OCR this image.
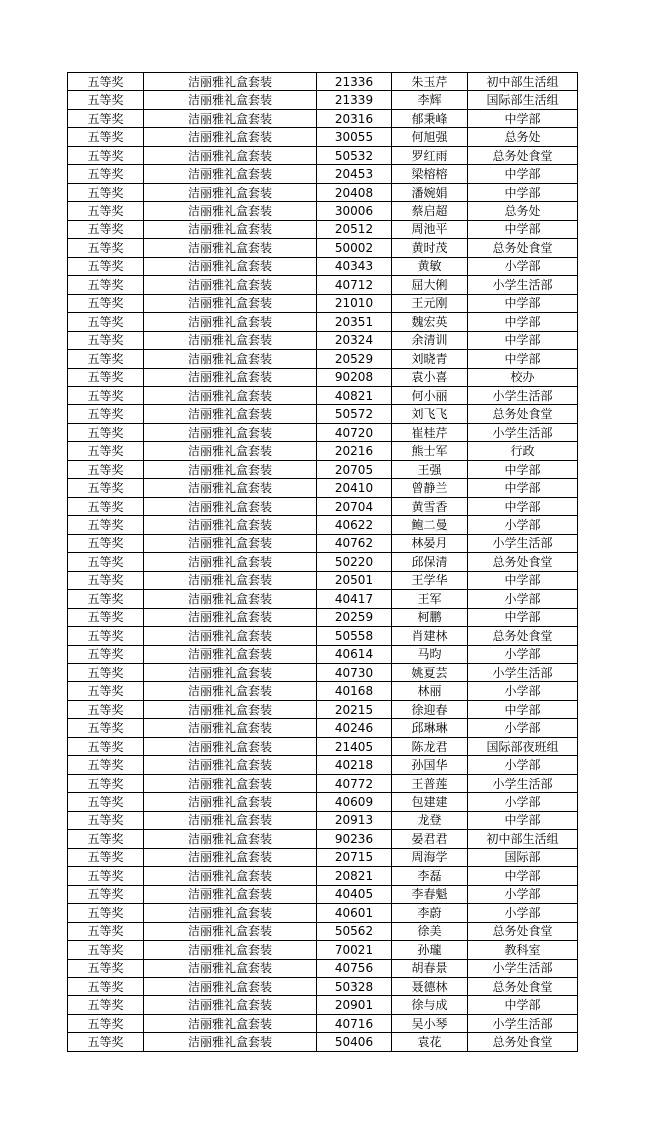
五等奖	洁丽雅礼盒套装	21336	朱玉芹	初中部生活组
五等奖	洁丽雅礼盒套装	21339	李辉	国际部生活组
五等奖	洁丽雅礼盒套装	20316	郁秉峰	中学部
五等奖	洁丽雅礼盒套装	30055	何旭强	总务处
五等奖	洁丽雅礼盒套装	50532	罗红雨	总务处食堂
五等奖	洁丽雅礼盒套装	20453	梁榕榕	中学部
五等奖	洁丽雅礼盒套装	20408	潘婉娟	中学部
五等奖	洁丽雅礼盒套装	30006	蔡启超	总务处
五等奖	洁丽雅礼盒套装	20512	周池平	中学部
五等奖	洁丽雅礼盒套装	50002	黄时茂	总务处食堂
五等奖	洁丽雅礼盒套装	40343	黄敏	小学部
五等奖	洁丽雅礼盒套装	40712	屈大俐	小学生活部
五等奖	洁丽雅礼盒套装	21010	王元刚	中学部
五等奖	洁丽雅礼盒套装	20351	魏宏英	中学部
五等奖	洁丽雅礼盒套装	20324	余清训	中学部
五等奖	洁丽雅礼盒套装	20529	刘晓青	中学部
五等奖	洁丽雅礼盒套装	90208	袁小喜	校办
五等奖	洁丽雅礼盒套装	40821	何小丽	小学生活部
五等奖	洁丽雅礼盒套装	50572	刘飞飞	总务处食堂
五等奖	洁丽雅礼盒套装	40720	崔桂芹	小学生活部
五等奖	洁丽雅礼盒套装	20216	熊士军	行政
五等奖	洁丽雅礼盒套装	20705	王强	中学部
五等奖	洁丽雅礼盒套装	20410	曾静兰	中学部
五等奖	洁丽雅礼盒套装	20704	黄雪香	中学部
五等奖	洁丽雅礼盒套装	40622	鲍二曼	小学部
五等奖	洁丽雅礼盒套装	40762	林晏月	小学生活部
五等奖	洁丽雅礼盒套装	50220	邱保清	总务处食堂
五等奖	洁丽雅礼盒套装	20501	王学华	中学部
五等奖	洁丽雅礼盒套装	40417	王军	小学部
五等奖	洁丽雅礼盒套装	20259	柯鹏	中学部
五等奖	洁丽雅礼盒套装	50558	肖建林	总务处食堂
五等奖	洁丽雅礼盒套装	40614	马昀	小学部
五等奖	洁丽雅礼盒套装	40730	姚夏芸	小学生活部
五等奖	洁丽雅礼盒套装	40168	林丽	小学部
五等奖	洁丽雅礼盒套装	20215	徐迎春	中学部
五等奖	洁丽雅礼盒套装	40246	邱琳琳	小学部
五等奖	洁丽雅礼盒套装	21405	陈龙君	国际部夜班组
五等奖	洁丽雅礼盒套装	40218	孙国华	小学部
五等奖	洁丽雅礼盒套装	40772	王普莲	小学生活部
五等奖	洁丽雅礼盒套装	40609	包建建	小学部
五等奖	洁丽雅礼盒套装	20913	龙登	中学部
五等奖	洁丽雅礼盒套装	90236	晏君君	初中部生活组
五等奖	洁丽雅礼盒套装	20715	周海学	国际部
五等奖	洁丽雅礼盒套装	20821	李磊	中学部
五等奖	洁丽雅礼盒套装	40405	李春魁	小学部
五等奖	洁丽雅礼盒套装	40601	李蔚	小学部
五等奖	洁丽雅礼盒套装	50562	徐美	总务处食堂
五等奖	洁丽雅礼盒套装	70021	孙瓏	教科室
五等奖	洁丽雅礼盒套装	40756	胡春景	小学生活部
五等奖	洁丽雅礼盒套装	50328	聂德林	总务处食堂
五等奖	洁丽雅礼盒套装	20901	徐与成	中学部
五等奖	洁丽雅礼盒套装	40716	吴小琴	小学生活部
五等奖	洁丽雅礼盒套装	50406	袁花	总务处食堂
